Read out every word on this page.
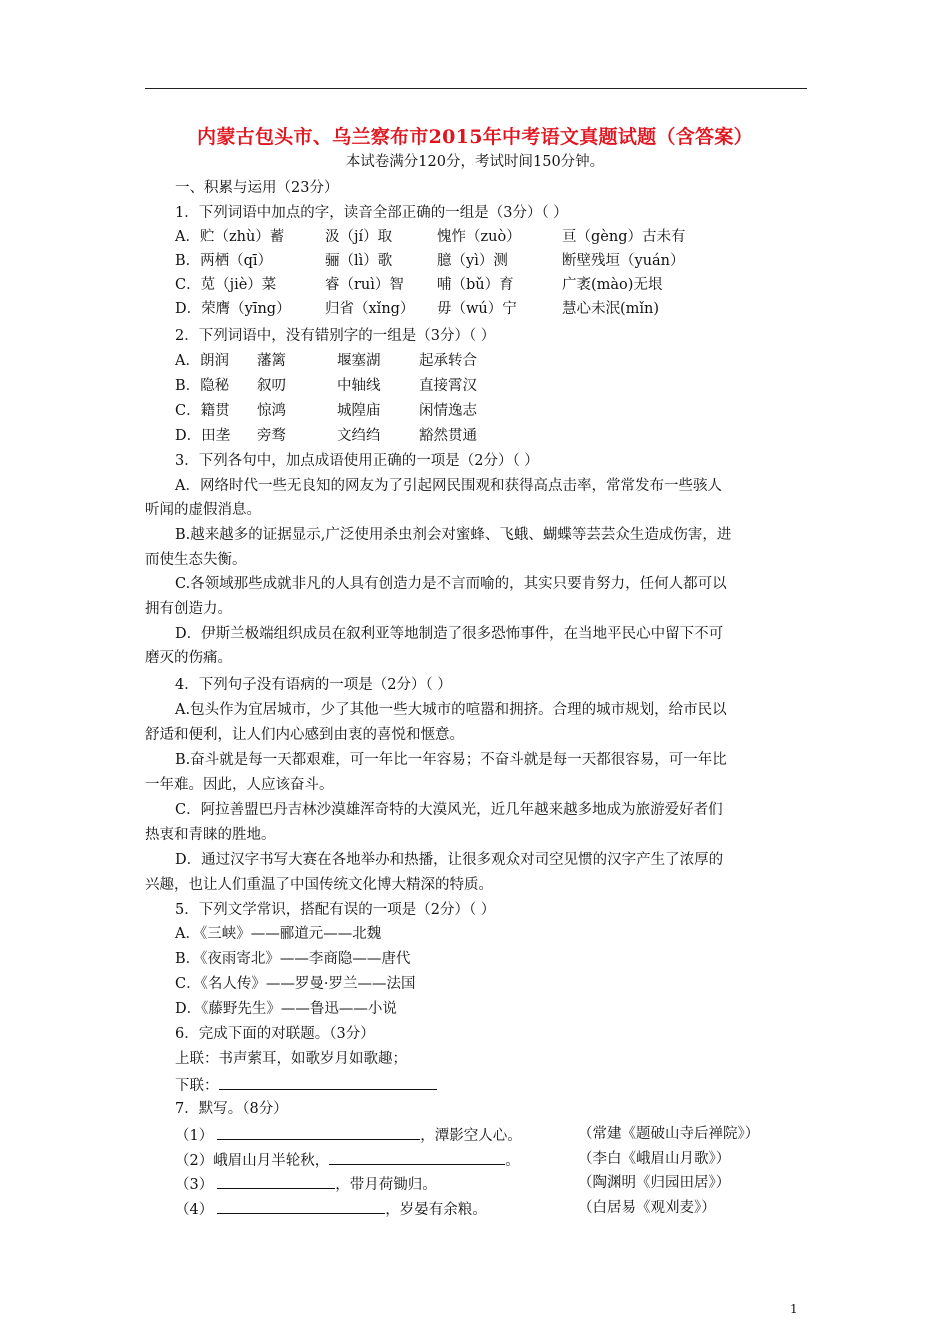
内蒙古包头市、乌兰察布市2015年中考语文真题试题（含答案）
本试卷满分120分，考试时间150分钟。
一、积累与运用（23分）
1．下列词语中加点的字，读音全部正确的一组是（3分）（ ）
A．贮（zhù）蓄	汲（jí）取	愧怍（zuò）	亘（gèng）古未有
B．两栖（qī）	骊（lì）歌	臆（yì）测	断壁残垣（yuán）
C．苋（jiè）菜	睿（ruì）智 哺（bǔ）育	广袤(mào)无垠
D．荣膺（yīng） 归省（xǐng） 毋（wú）宁	慧心未泯(mǐn)
2．下列词语中，没有错别字的一组是（3分）（ ）
A．朗润 藩篱	堰塞湖	起承转合
B．隐秘 叙叨	中轴线	直接霄汉
C．籍贯 惊鸿	城隍庙	闲情逸志
D．田垄 旁骛	文绉绉	豁然贯通
3．下列各句中，加点成语使用正确的一项是（2分）（ ）
A．网络时代一些无良知的网友为了引起网民围观和获得高点击率，常常发布一些骇人
听闻的虚假消息。
B.越来越多的证据显示,广泛使用杀虫剂会对蜜蜂、飞蛾、蝴蝶等芸芸众生造成伤害，进
而使生态失衡。
C.各领域那些成就非凡的人具有创造力是不言而喻的，其实只要肯努力，任何人都可以
拥有创造力。
D．伊斯兰极端组织成员在叙利亚等地制造了很多恐怖事件，在当地平民心中留下不可
磨灭的伤痛。
4．下列句子没有语病的一项是（2分）（ ）
A.包头作为宜居城市，少了其他一些大城市的喧嚣和拥挤。合理的城市规划，给市民以
舒适和便利，让人们内心感到由衷的喜悦和惬意。
B.奋斗就是每一天都艰难，可一年比一年容易；不奋斗就是每一天都很容易，可一年比
一年难。因此，人应该奋斗。
C．阿拉善盟巴丹吉林沙漠雄浑奇特的大漠风光，近几年越来越多地成为旅游爱好者们
热衷和青睐的胜地。
D．通过汉字书写大赛在各地举办和热播，让很多观众对司空见惯的汉字产生了浓厚的
兴趣，也让人们重温了中国传统文化博大精深的特质。
5．下列文学常识，搭配有误的一项是（2分）（ ）
A．《三峡》——郦道元——北魏
B．《夜雨寄北》——李商隐——唐代
C．《名人传》——罗曼·罗兰——法国
D．《藤野先生》——鲁迅——小说
6．完成下面的对联题。（3分）
上联：书声萦耳，如歌岁月如歌趣；
下联：
7．默写。（8分）
（1）	，潭影空人心。	（常建《题破山寺后禅院》）
（2）峨眉山月半轮秋，	。	（李白《峨眉山月歌》）
（3）	，带月荷锄归。	（陶渊明《归园田居》）
（4）	，岁晏有余粮。	（白居易《观刈麦》）
1
